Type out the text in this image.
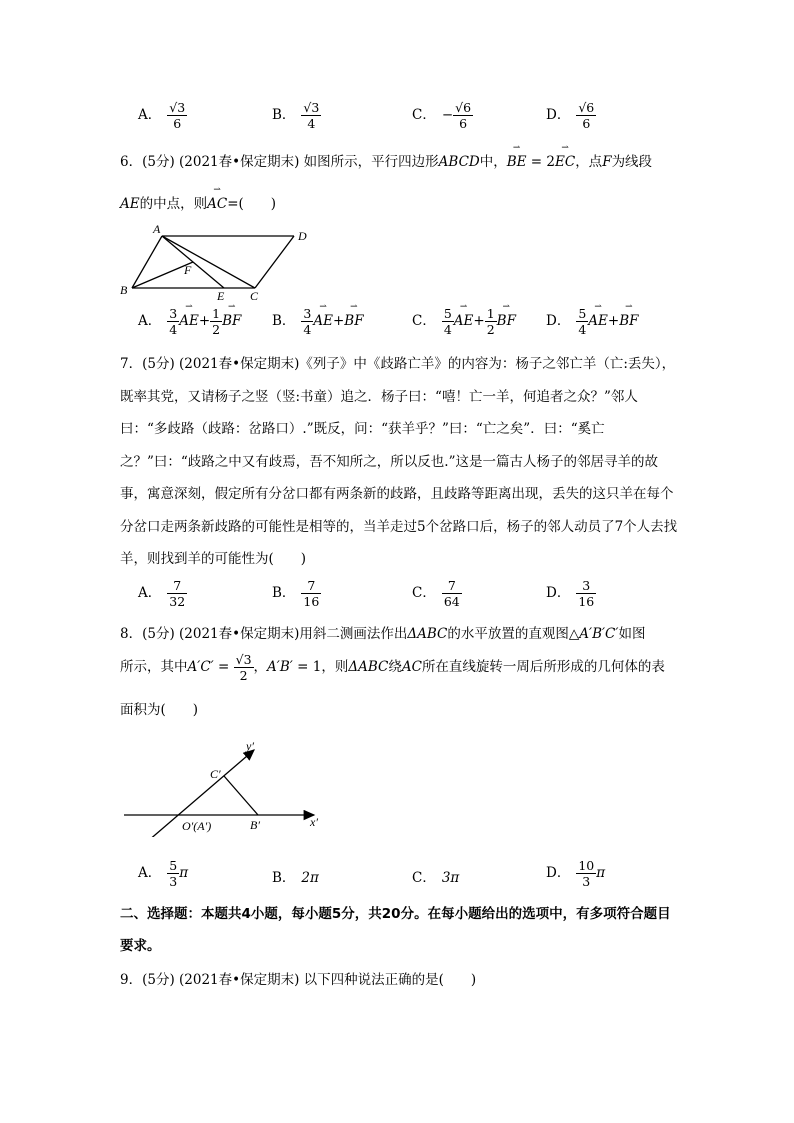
A． $\frac{√3}{6}$	B． $\frac{√3}{4}$	C． − $\frac{√6}{6}$	D． $\frac{√6}{6}$
6．(5分) (2021春•保定期末) 如图所示，平行四边形ABCD中，⇀ BE = 2⇀ EC，点F为线段
AE的中点，则⇀ AC=(　　)
A	D
B	C
E
F
A． $\frac{3}{4}$ ⇀ $AE+ \frac{1}{2}$ ⇀ BF B． $\frac{3}{4}$ ⇀ AE+⇀ BF	C． $\frac{5}{4}$ ⇀ $AE+ \frac{1}{2}$ ⇀ BF D． $\frac{5}{4}$ ⇀ AE+⇀ BF
7．(5分) (2021春•保定期末)《列子》中《歧路亡羊》的内容为：杨子之邻亡羊（亡:丢失），既率其党，又请杨子之竖（竖:书童）追之．杨子曰：“嘻！亡一羊，何追者之众？”邻人曰：“多歧路（歧路：岔路口）.”既反，问：“获羊乎？”曰：“亡之矣”．曰：“奚亡之？”曰：“歧路之中又有歧焉，吾不知所之，所以反也.”这是一篇古人杨子的邻居寻羊的故事，寓意深刻，假定所有分岔口都有两条新的歧路，且歧路等距离出现，丢失的这只羊在每个分岔口走两条新歧路的可能性是相等的，当羊走过5个岔路口后，杨子的邻人动员了7个人去找羊，则找到羊的可能性为(　　)
A． $\frac{7}{32}$	B． $\frac{7}{16}$	C． $\frac{7}{64}$	D． $\frac{3}{16}$
8．(5分) (2021春•保定期末)用斜二测画法作出ΔABC的水平放置的直观图△A′B′C′如图
所示，其中$A'C' = \frac{√3}{2}$ ，A′B′ = 1，则ΔABC绕AC所在直线旋转一周后所形成的几何体的表
面积为(　　)
y′
x′
C′
B′
O′(A′)
A． $\frac{5}{3}$ π	B． 2π	C． 3π	D． $\frac{10}{3}$ π
二、选择题：本题共4小题，每小题5分，共20分。在每小题给出的选项中，有多项符合题目要求。
9．(5分) (2021春•保定期末) 以下四种说法正确的是(　　)
